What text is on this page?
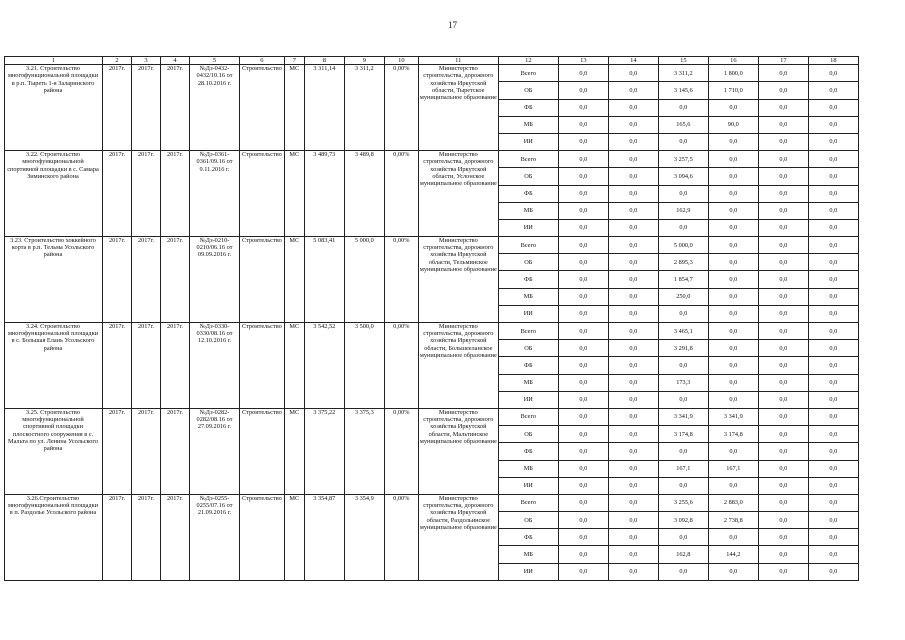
17
1	2	3	4	5	6	7	8	9	10	11	12	13	14	15	16	17	18
3.21. Строительство многофункциональной площадки в р.п. Тыреть 1-я Заларинского района	2017г.	2017г.	2017г.	№Дз-0432-0432/10.16 от 28.10.2016 г.	Строительство	МС	3 311,14	3 311,2	0,00%	Министерство строительства, дорожного хозяйства Иркутской области, Тыретское муниципальное образование	Всего	0,0	0,0	3 311,2	1 800,0	0,0	0,0
											ОБ	0,0	0,0	3 145,6	1 710,0	0,0	0,0
											ФБ	0,0	0,0	0,0	0,0	0,0	0,0
											МБ	0,0	0,0	165,6	90,0	0,0	0,0
											ИИ	0,0	0,0	0,0	0,0	0,0	0,0
3.22. Строительство многофункциональной спортивной площадки в с. Самара Зиминского района	2017г.	2017г.	2017г.	№Дз-0361-0361/09.16 от 9.11.2016 г.	Строительство	МС	3 489,73	3 489,8	0,00%	Министерство строительства, дорожного хозяйства Иркутской области, Услонское муниципальное образование	Всего	0,0	0,0	3 257,5	0,0	0,0	0,0
											ОБ	0,0	0,0	3 094,6	0,0	0,0	0,0
											ФБ	0,0	0,0	0,0	0,0	0,0	0,0
											МБ	0,0	0,0	162,9	0,0	0,0	0,0
											ИИ	0,0	0,0	0,0	0,0	0,0	0,0
3.23. Строительство хоккейного корта в р.п. Тельма Усольского района	2017г.	2017г.	2017г.	№Дз-0210-0210/06.16 от 09.09.2016 г.	Строительство	МС	5 083,41	5 000,0	0,00%	Министерство строительства, дорожного хозяйства Иркутской области, Тельминское муниципальное образование	Всего	0,0	0,0	5 000,0	0,0	0,0	0,0
											ОБ	0,0	0,0	2 895,3	0,0	0,0	0,0
											ФБ	0,0	0,0	1 854,7	0,0	0,0	0,0
											МБ	0,0	0,0	250,0	0,0	0,0	0,0
											ИИ	0,0	0,0	0,0	0,0	0,0	0,0
3.24. Строительство многофункциональной площадки в с. Большая Елань Усольского района	2017г.	2017г.	2017г.	№Дз-0330-0330/08.16 от 12.10.2016 г.	Строительство	МС	3 542,52	3 500,0	0,00%	Министерство строительства, дорожного хозяйства Иркутской области, Большееланское муниципальное образование	Всего	0,0	0,0	3 465,1	0,0	0,0	0,0
											ОБ	0,0	0,0	3 291,8	0,0	0,0	0,0
											ФБ	0,0	0,0	0,0	0,0	0,0	0,0
											МБ	0,0	0,0	173,3	0,0	0,0	0,0
											ИИ	0,0	0,0	0,0	0,0	0,0	0,0
3.25. Строительство многофункциональной спортивной площадки плоскостного сооружения в с. Мальта по ул. Ленина Усольского района	2017г.	2017г.	2017г.	№Дз-0282-0282/08.16 от 27.09.2016 г.	Строительство	МС	3 375,22	3 375,3	0,00%	Министерство строительства, дорожного хозяйства Иркутской области, Мальтинское муниципальное образование	Всего	0,0	0,0	3 341,9	3 341,9	0,0	0,0
											ОБ	0,0	0,0	3 174,8	3 174,8	0,0	0,0
											ФБ	0,0	0,0	0,0	0,0	0,0	0,0
											МБ	0,0	0,0	167,1	167,1	0,0	0,0
											ИИ	0,0	0,0	0,0	0,0	0,0	0,0
3.26.Строительство многофункциональной площадки в п. Раздолье Усольского района	2017г.	2017г.	2017г.	№Дз-0255-0255/07.16 от 21.09.2016 г.	Строительство	МС	3 354,87	3 354,9	0,00%	Министерство строительства, дорожного хозяйства Иркутской области, Раздольинское муниципальное образование	Всего	0,0	0,0	3 255,6	2 883,0	0,0	0,0
											ОБ	0,0	0,0	3 092,8	2 738,8	0,0	0,0
											ФБ	0,0	0,0	0,0	0,0	0,0	0,0
											МБ	0,0	0,0	162,8	144,2	0,0	0,0
											ИИ	0,0	0,0	0,0	0,0	0,0	0,0
